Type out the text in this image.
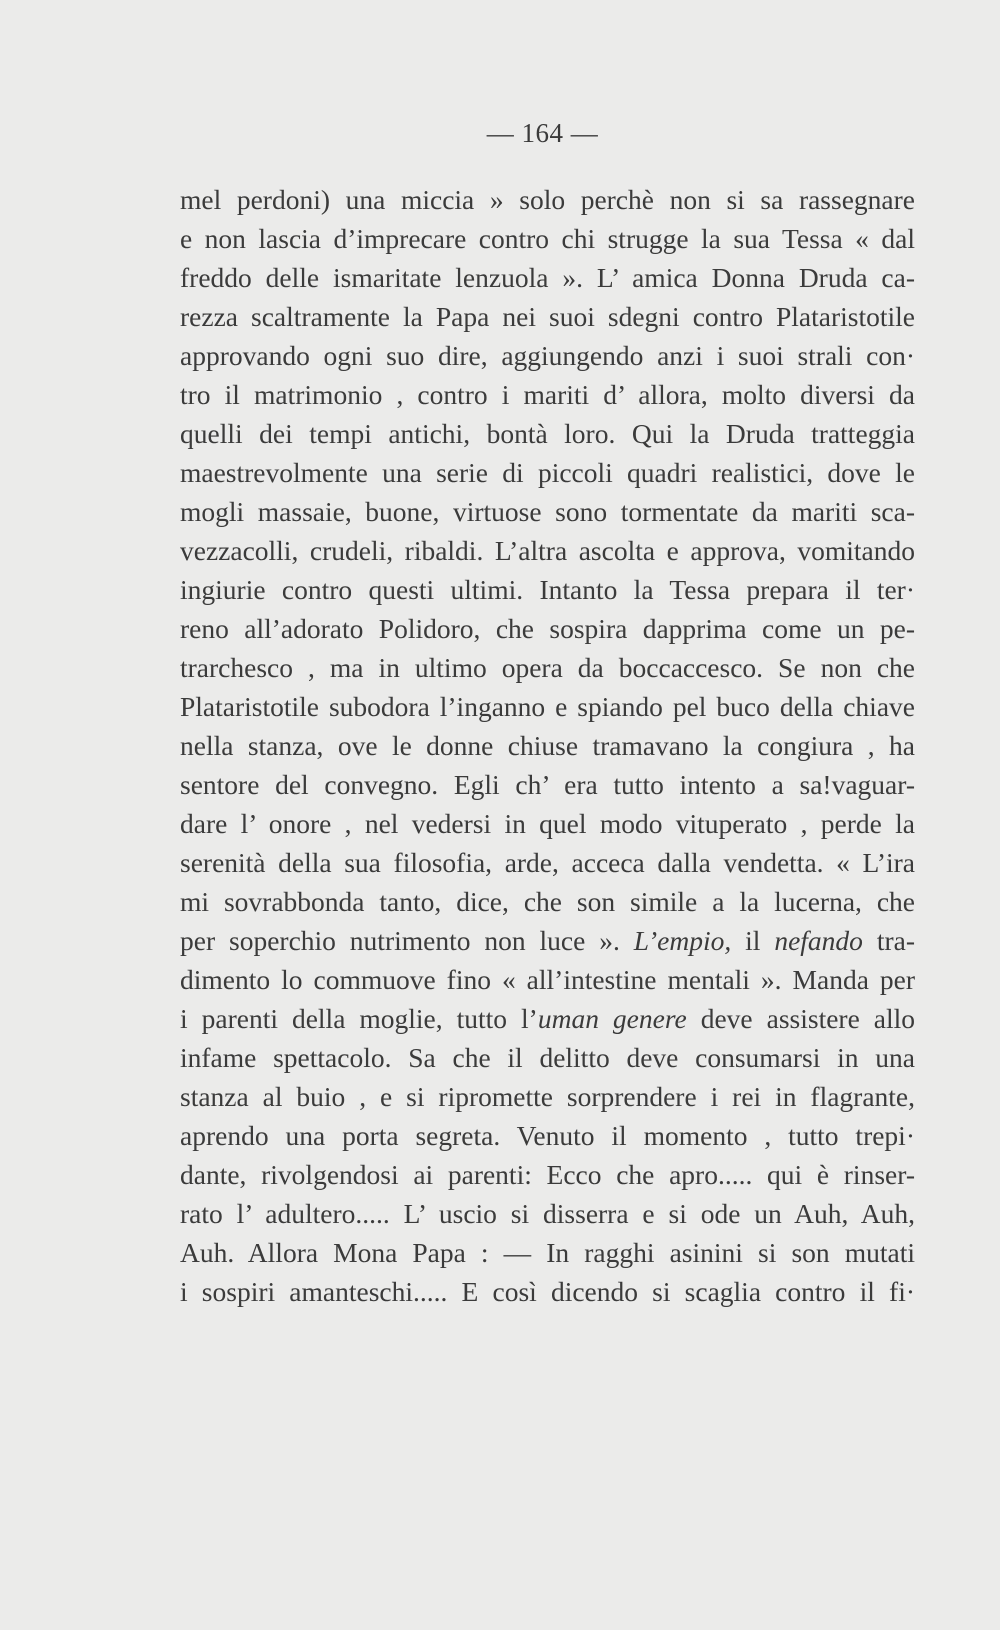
— 164 —
mel perdoni) una miccia » solo perchè non si sa rassegnare
e non lascia d’imprecare contro chi strugge la sua Tessa « dal
freddo delle ismaritate lenzuola ». L’ amica Donna Druda ca-
rezza scaltramente la Papa nei suoi sdegni contro Plataristotile
approvando ogni suo dire, aggiungendo anzi i suoi strali con·
tro il matrimonio , contro i mariti d’ allora, molto diversi da
quelli dei tempi antichi, bontà loro. Qui la Druda tratteggia
maestrevolmente una serie di piccoli quadri realistici, dove le
mogli massaie, buone, virtuose sono tormentate da mariti sca-
vezzacolli, crudeli, ribaldi. L’altra ascolta e approva, vomitando
ingiurie contro questi ultimi. Intanto la Tessa prepara il ter·
reno all’adorato Polidoro, che sospira dapprima come un pe-
trarchesco , ma in ultimo opera da boccaccesco. Se non che
Plataristotile subodora l’inganno e spiando pel buco della chiave
nella stanza, ove le donne chiuse tramavano la congiura , ha
sentore del convegno. Egli ch’ era tutto intento a sa!vaguar-
dare l’ onore , nel vedersi in quel modo vituperato , perde la
serenità della sua filosofia, arde, acceca dalla vendetta. « L’ira
mi sovrabbonda tanto, dice, che son simile a la lucerna, che
per soperchio nutrimento non luce ». L’empio, il nefando tra-
dimento lo commuove fino « all’intestine mentali ». Manda per
i parenti della moglie, tutto l’uman genere deve assistere allo
infame spettacolo. Sa che il delitto deve consumarsi in una
stanza al buio , e si ripromette sorprendere i rei in flagrante,
aprendo una porta segreta. Venuto il momento , tutto trepi·
dante, rivolgendosi ai parenti: Ecco che apro..... qui è rinser-
rato l’ adultero..... L’ uscio si disserra e si ode un Auh, Auh,
Auh. Allora Mona Papa : — In ragghi asinini si son mutati
i sospiri amanteschi..... E così dicendo si scaglia contro il fi·
